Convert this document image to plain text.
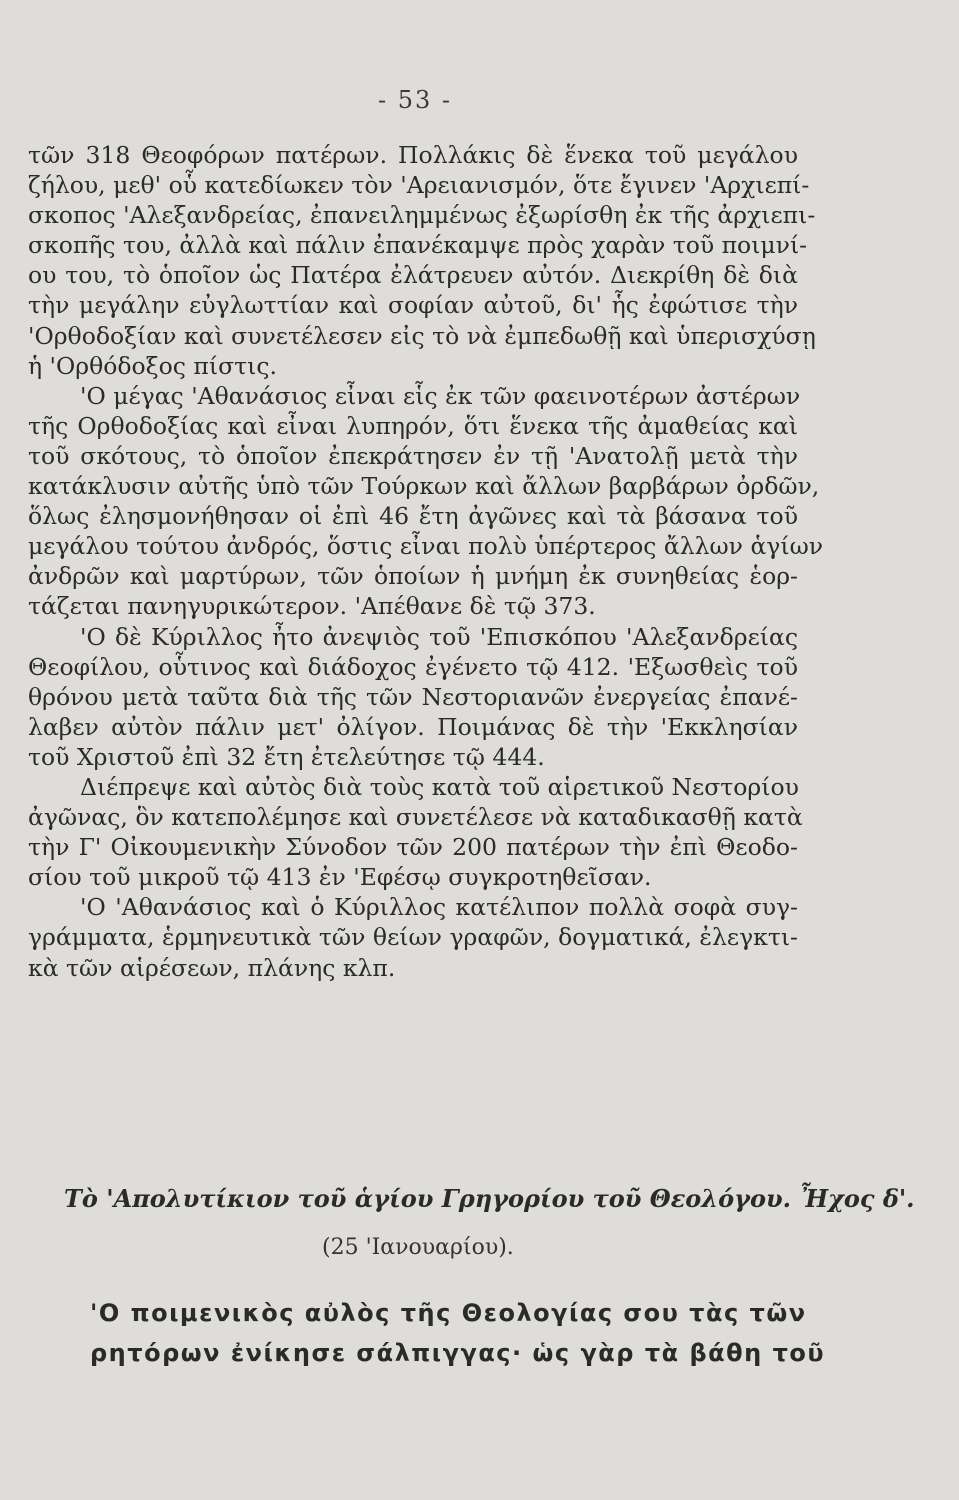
- 53 -
τῶν 318 Θεοφόρων πατέρων. Πολλάκις δὲ ἕνεκα τοῦ μεγάλου
ζήλου, μεθ' οὗ κατεδίωκεν τὸν 'Αρειανισμόν, ὅτε ἔγινεν 'Αρχιεπί-
σκοπος 'Αλεξανδρείας, ἐπανειλημμένως ἐξωρίσθη ἐκ τῆς ἀρχιεπι-
σκοπῆς του, ἀλλὰ καὶ πάλιν ἐπανέκαμψε πρὸς χαρὰν τοῦ ποιμνί-
ου του, τὸ ὁποῖον ὡς Πατέρα ἐλάτρευεν αὐτόν. Διεκρίθη δὲ διὰ
τὴν μεγάλην εὐγλωττίαν καὶ σοφίαν αὐτοῦ, δι' ἧς ἐφώτισε τὴν
'Ορθοδοξίαν καὶ συνετέλεσεν εἰς τὸ νὰ ἐμπεδωθῇ καὶ ὑπερισχύσῃ
ἡ 'Ορθόδοξος πίστις.
'Ο μέγας 'Αθανάσιος εἶναι εἷς ἐκ τῶν φαεινοτέρων ἀστέρων
τῆς Ορθοδοξίας καὶ εἶναι λυπηρόν, ὅτι ἕνεκα τῆς ἀμαθείας καὶ
τοῦ σκότους, τὸ ὁποῖον ἐπεκράτησεν ἐν τῇ 'Ανατολῇ μετὰ τὴν
κατάκλυσιν αὐτῆς ὑπὸ τῶν Τούρκων καὶ ἄλλων βαρβάρων ὀρδῶν,
ὅλως ἐλησμονήθησαν οἱ ἐπὶ 46 ἔτη ἀγῶνες καὶ τὰ βάσανα τοῦ
μεγάλου τούτου ἀνδρός, ὅστις εἶναι πολὺ ὑπέρτερος ἄλλων ἁγίων
ἀνδρῶν καὶ μαρτύρων, τῶν ὁποίων ἡ μνήμη ἐκ συνηθείας ἑορ-
τάζεται πανηγυρικώτερον. 'Απέθανε δὲ τῷ 373.
'Ο δὲ Κύριλλος ἦτο ἀνεψιὸς τοῦ 'Επισκόπου 'Αλεξανδρείας
Θεοφίλου, οὗτινος καὶ διάδοχος ἐγένετο τῷ 412. 'Εξωσθεὶς τοῦ
θρόνου μετὰ ταῦτα διὰ τῆς τῶν Νεστοριανῶν ἐνεργείας ἐπανέ-
λαβεν αὐτὸν πάλιν μετ' ὀλίγον. Ποιμάνας δὲ τὴν 'Εκκλησίαν
τοῦ Χριστοῦ ἐπὶ 32 ἔτη ἐτελεύτησε τῷ 444.
Διέπρεψε καὶ αὐτὸς διὰ τοὺς κατὰ τοῦ αἱρετικοῦ Νεστορίου
ἀγῶνας, ὃν κατεπολέμησε καὶ συνετέλεσε νὰ καταδικασθῇ κατὰ
τὴν Γ' Οἰκουμενικὴν Σύνοδον τῶν 200 πατέρων τὴν ἐπὶ Θεοδο-
σίου τοῦ μικροῦ τῷ 413 ἐν 'Εφέσῳ συγκροτηθεῖσαν.
'Ο 'Αθανάσιος καὶ ὁ Κύριλλος κατέλιπον πολλὰ σοφὰ συγ-
γράμματα, ἑρμηνευτικὰ τῶν θείων γραφῶν, δογματικά, ἐλεγκτι-
κὰ τῶν αἱρέσεων, πλάνης κλπ.
Τὸ 'Απολυτίκιον τοῦ ἁγίου Γρηγορίου τοῦ Θεολόγου. Ἦχος δ'.
(25 'Ιανουαρίου).
'Ο ποιμενικὸς αὐλὸς τῆς Θεολογίας σου τὰς τῶν
ρητόρων ἐνίκησε σάλπιγγας· ὡς γὰρ τὰ βάθη τοῦ
